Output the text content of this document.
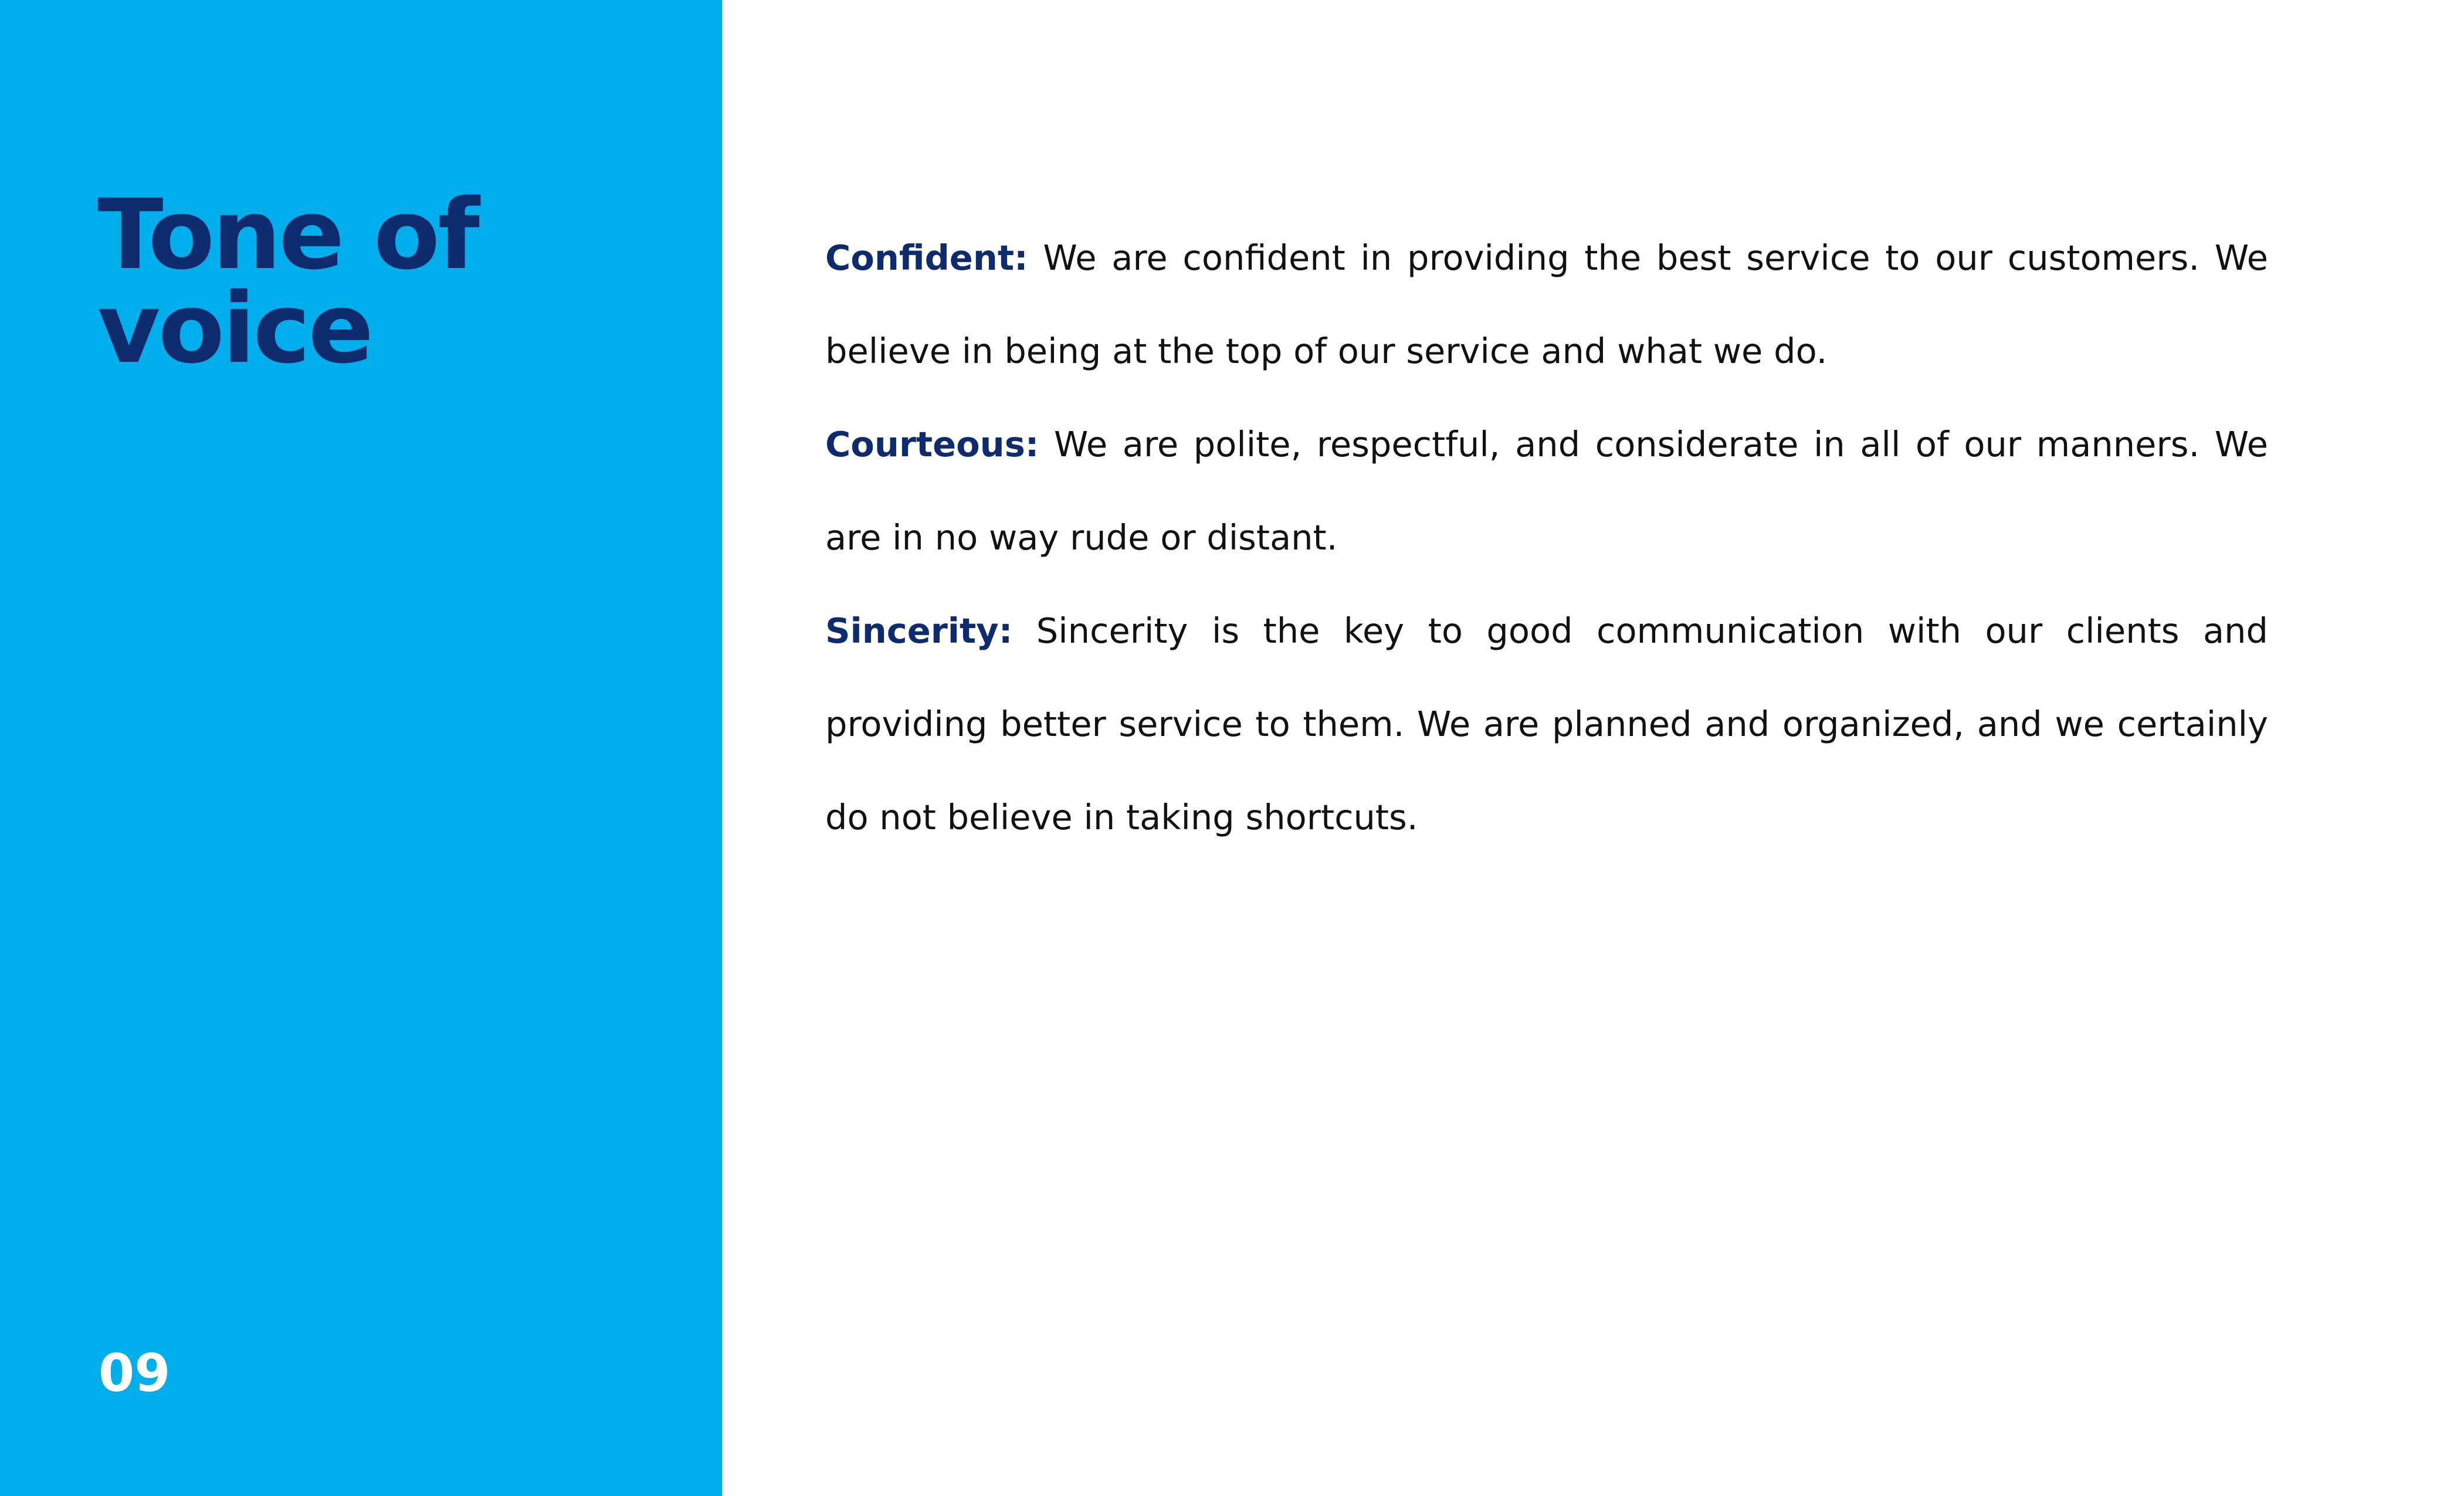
Tone of voice
09

Confident: We are confident in providing the best service to our customers. We believe in being at the top of our service and what we do.

Courteous: We are polite, respectful, and considerate in all of our manners. We are in no way rude or distant.

Sincerity: Sincerity is the key to good communication with our clients and providing better service to them. We are planned and organized, and we certainly do not believe in taking shortcuts.
